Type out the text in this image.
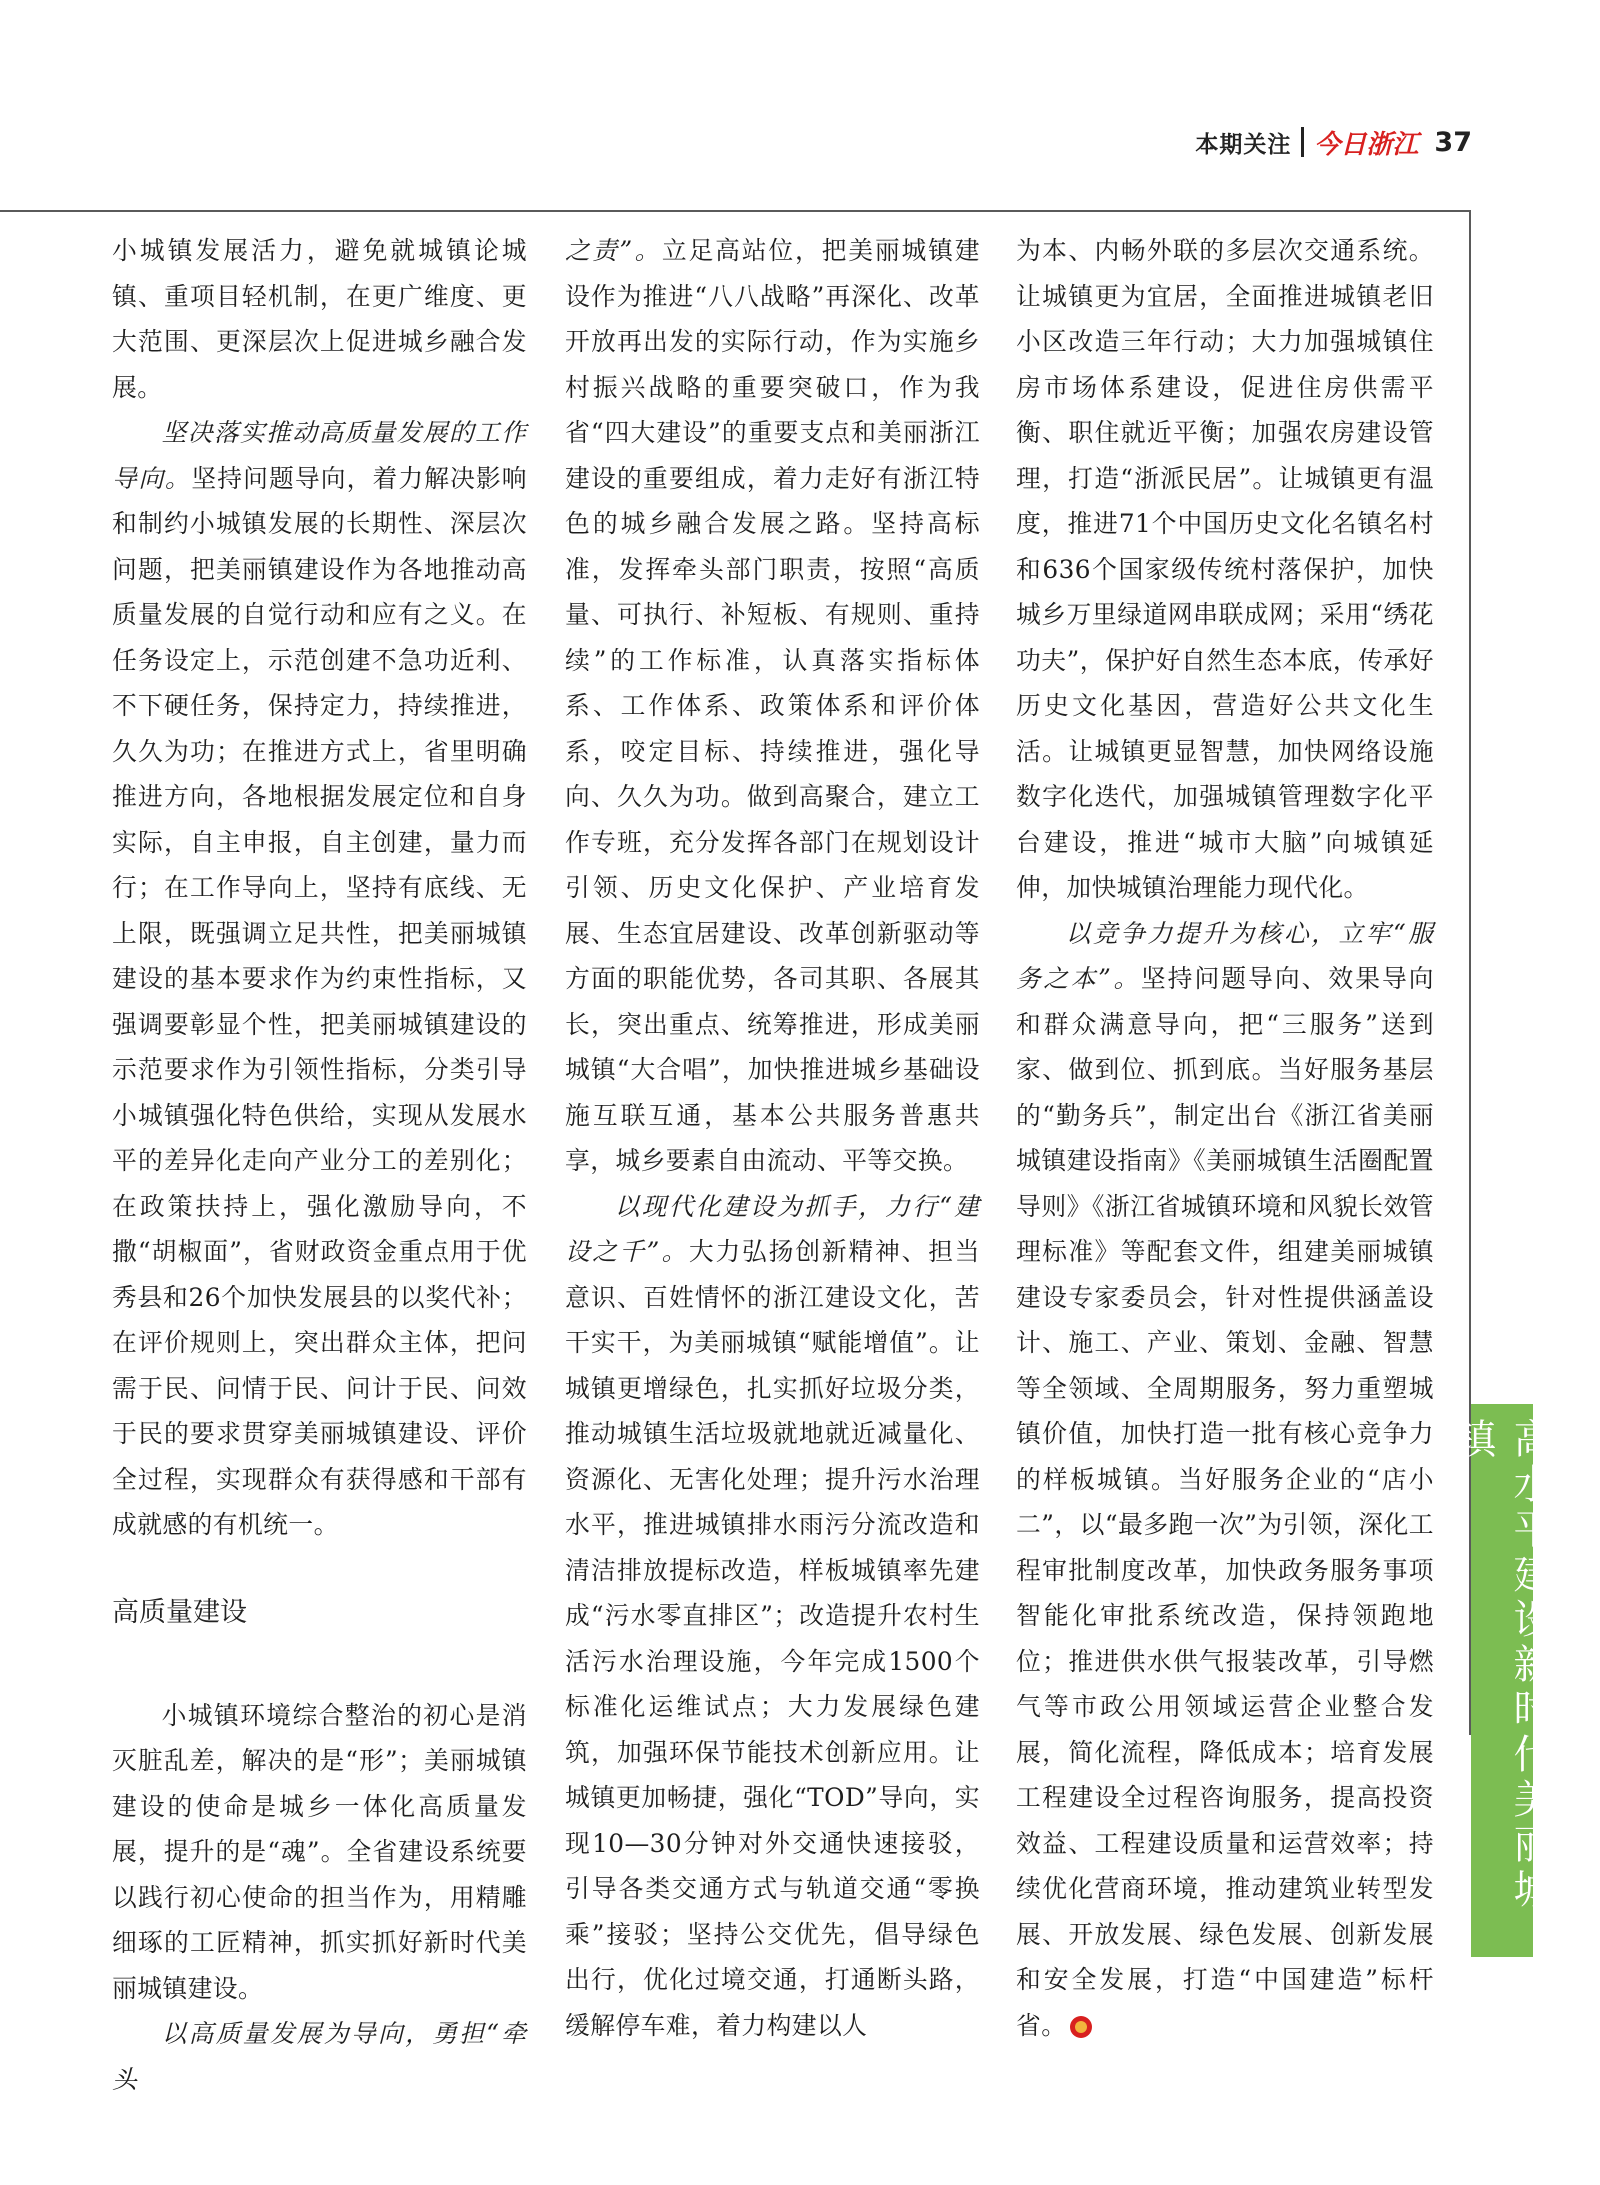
本期关注 今日浙江 37
高水平建设新时代美丽城镇

小城镇发展活力，避免就城镇论城镇、重项目轻机制，在更广维度、更大范围、更深层次上促进城乡融合发展。

坚决落实推动高质量发展的工作导向。坚持问题导向，着力解决影响和制约小城镇发展的长期性、深层次问题，把美丽镇建设作为各地推动高质量发展的自觉行动和应有之义。在任务设定上，示范创建不急功近利、不下硬任务，保持定力，持续推进，久久为功；在推进方式上，省里明确推进方向，各地根据发展定位和自身实际，自主申报，自主创建，量力而行；在工作导向上，坚持有底线、无上限，既强调立足共性，把美丽城镇建设的基本要求作为约束性指标，又强调要彰显个性，把美丽城镇建设的示范要求作为引领性指标，分类引导小城镇强化特色供给，实现从发展水平的差异化走向产业分工的差别化；在政策扶持上，强化激励导向，不撒“胡椒面”，省财政资金重点用于优秀县和26个加快发展县的以奖代补；在评价规则上，突出群众主体，把问需于民、问情于民、问计于民、问效于民的要求贯穿美丽城镇建设、评价全过程，实现群众有获得感和干部有成就感的有机统一。

高质量建设

小城镇环境综合整治的初心是消灭脏乱差，解决的是“形”；美丽城镇建设的使命是城乡一体化高质量发展，提升的是“魂”。全省建设系统要以践行初心使命的担当作为，用精雕细琢的工匠精神，抓实抓好新时代美丽城镇建设。

以高质量发展为导向，勇担“牵头

之责”。立足高站位，把美丽城镇建设作为推进“八八战略”再深化、改革开放再出发的实际行动，作为实施乡村振兴战略的重要突破口，作为我省“四大建设”的重要支点和美丽浙江建设的重要组成，着力走好有浙江特色的城乡融合发展之路。坚持高标准，发挥牵头部门职责，按照“高质量、可执行、补短板、有规则、重持续”的工作标准，认真落实指标体系、工作体系、政策体系和评价体系，咬定目标、持续推进，强化导向、久久为功。做到高聚合，建立工作专班，充分发挥各部门在规划设计引领、历史文化保护、产业培育发展、生态宜居建设、改革创新驱动等方面的职能优势，各司其职、各展其长，突出重点、统筹推进，形成美丽城镇“大合唱”，加快推进城乡基础设施互联互通，基本公共服务普惠共享，城乡要素自由流动、平等交换。

以现代化建设为抓手，力行“建设之千”。大力弘扬创新精神、担当意识、百姓情怀的浙江建设文化，苦干实干，为美丽城镇“赋能增值”。让城镇更增绿色，扎实抓好垃圾分类，推动城镇生活垃圾就地就近减量化、资源化、无害化处理；提升污水治理水平，推进城镇排水雨污分流改造和清洁排放提标改造，样板城镇率先建成“污水零直排区”；改造提升农村生活污水治理设施，今年完成1500个标准化运维试点；大力发展绿色建筑，加强环保节能技术创新应用。让城镇更加畅捷，强化“TOD”导向，实现10—30分钟对外交通快速接驳，引导各类交通方式与轨道交通“零换乘”接驳；坚持公交优先，倡导绿色出行，优化过境交通，打通断头路，缓解停车难，着力构建以人

为本、内畅外联的多层次交通系统。让城镇更为宜居，全面推进城镇老旧小区改造三年行动；大力加强城镇住房市场体系建设，促进住房供需平衡、职住就近平衡；加强农房建设管理，打造“浙派民居”。让城镇更有温度，推进71个中国历史文化名镇名村和636个国家级传统村落保护，加快城乡万里绿道网串联成网；采用“绣花功夫”，保护好自然生态本底，传承好历史文化基因，营造好公共文化生活。让城镇更显智慧，加快网络设施数字化迭代，加强城镇管理数字化平台建设，推进“城市大脑”向城镇延伸，加快城镇治理能力现代化。

以竞争力提升为核心，立牢“服务之本”。坚持问题导向、效果导向和群众满意导向，把“三服务”送到家、做到位、抓到底。当好服务基层的“勤务兵”，制定出台《浙江省美丽城镇建设指南》《美丽城镇生活圈配置导则》《浙江省城镇环境和风貌长效管理标准》等配套文件，组建美丽城镇建设专家委员会，针对性提供涵盖设计、施工、产业、策划、金融、智慧等全领域、全周期服务，努力重塑城镇价值，加快打造一批有核心竞争力的样板城镇。当好服务企业的“店小二”，以“最多跑一次”为引领，深化工程审批制度改革，加快政务服务事项智能化审批系统改造，保持领跑地位；推进供水供气报装改革，引导燃气等市政公用领域运营企业整合发展，简化流程，降低成本；培育发展工程建设全过程咨询服务，提高投资效益、工程建设质量和运营效率；持续优化营商环境，推动建筑业转型发展、开放发展、绿色发展、创新发展和安全发展，打造“中国建造”标杆省。
